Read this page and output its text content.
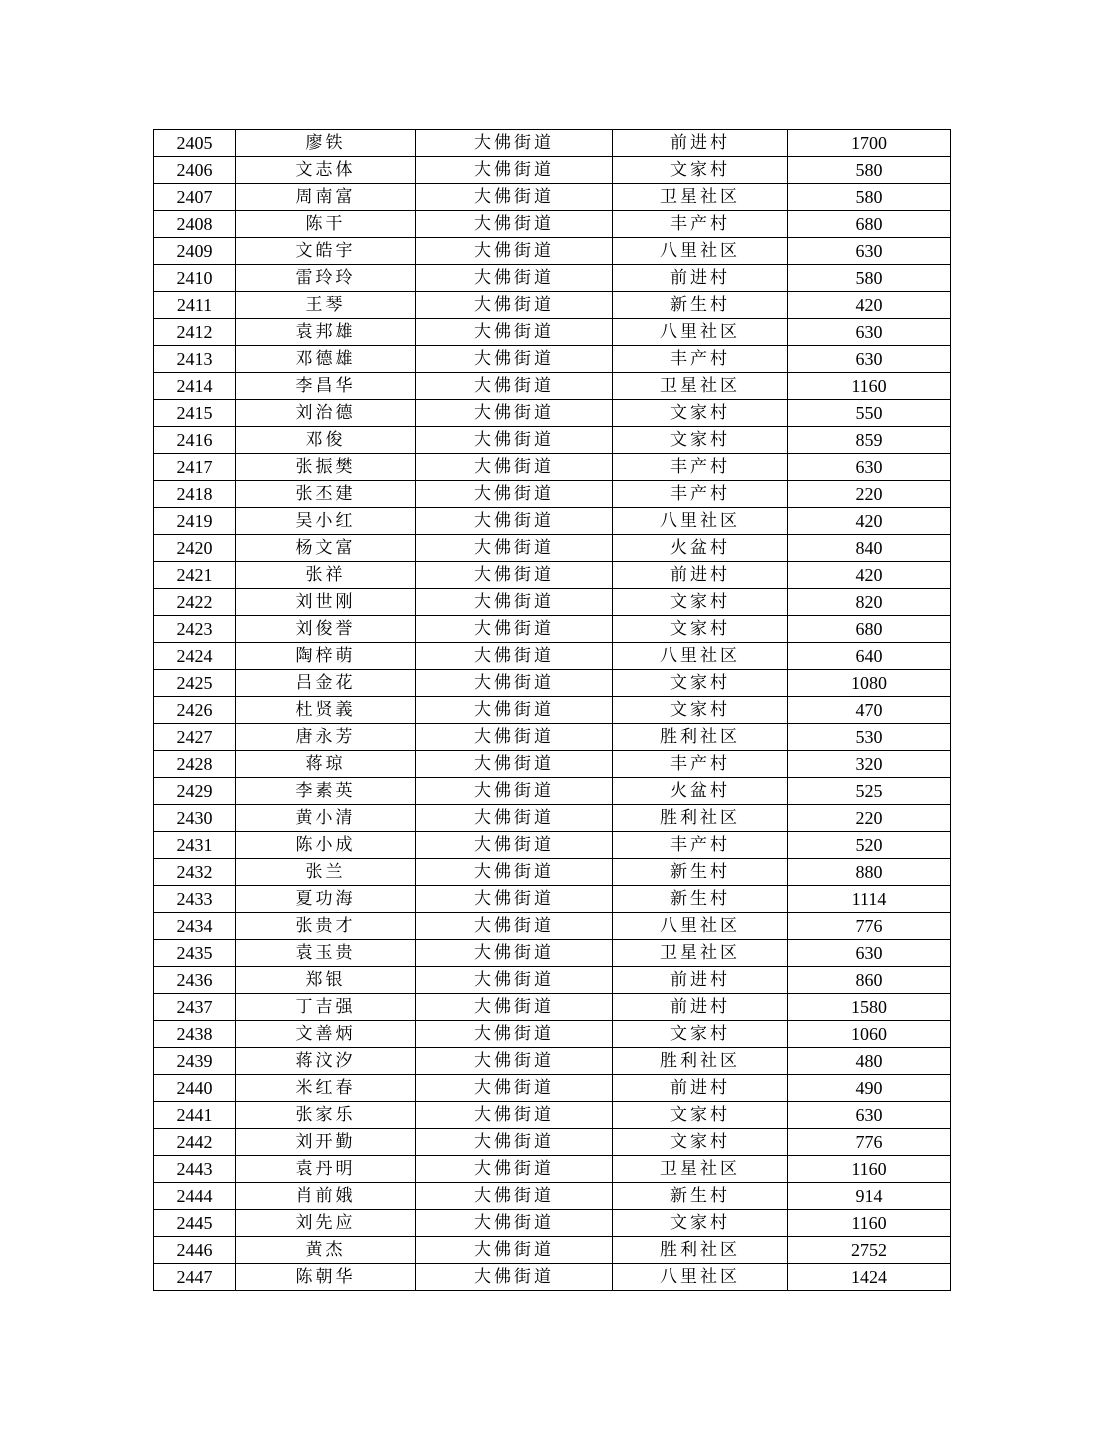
2405	廖铁	大佛街道	前进村	1700
2406	文志体	大佛街道	文家村	580
2407	周南富	大佛街道	卫星社区	580
2408	陈干	大佛街道	丰产村	680
2409	文皓宇	大佛街道	八里社区	630
2410	雷玲玲	大佛街道	前进村	580
2411	王琴	大佛街道	新生村	420
2412	袁邦雄	大佛街道	八里社区	630
2413	邓德雄	大佛街道	丰产村	630
2414	李昌华	大佛街道	卫星社区	1160
2415	刘治德	大佛街道	文家村	550
2416	邓俊	大佛街道	文家村	859
2417	张振樊	大佛街道	丰产村	630
2418	张丕建	大佛街道	丰产村	220
2419	吴小红	大佛街道	八里社区	420
2420	杨文富	大佛街道	火盆村	840
2421	张祥	大佛街道	前进村	420
2422	刘世刚	大佛街道	文家村	820
2423	刘俊誉	大佛街道	文家村	680
2424	陶梓萌	大佛街道	八里社区	640
2425	吕金花	大佛街道	文家村	1080
2426	杜贤義	大佛街道	文家村	470
2427	唐永芳	大佛街道	胜利社区	530
2428	蒋琼	大佛街道	丰产村	320
2429	李素英	大佛街道	火盆村	525
2430	黄小清	大佛街道	胜利社区	220
2431	陈小成	大佛街道	丰产村	520
2432	张兰	大佛街道	新生村	880
2433	夏功海	大佛街道	新生村	1114
2434	张贵才	大佛街道	八里社区	776
2435	袁玉贵	大佛街道	卫星社区	630
2436	郑银	大佛街道	前进村	860
2437	丁吉强	大佛街道	前进村	1580
2438	文善炳	大佛街道	文家村	1060
2439	蒋汶汐	大佛街道	胜利社区	480
2440	米红春	大佛街道	前进村	490
2441	张家乐	大佛街道	文家村	630
2442	刘开勤	大佛街道	文家村	776
2443	袁丹明	大佛街道	卫星社区	1160
2444	肖前娥	大佛街道	新生村	914
2445	刘先应	大佛街道	文家村	1160
2446	黄杰	大佛街道	胜利社区	2752
2447	陈朝华	大佛街道	八里社区	1424
